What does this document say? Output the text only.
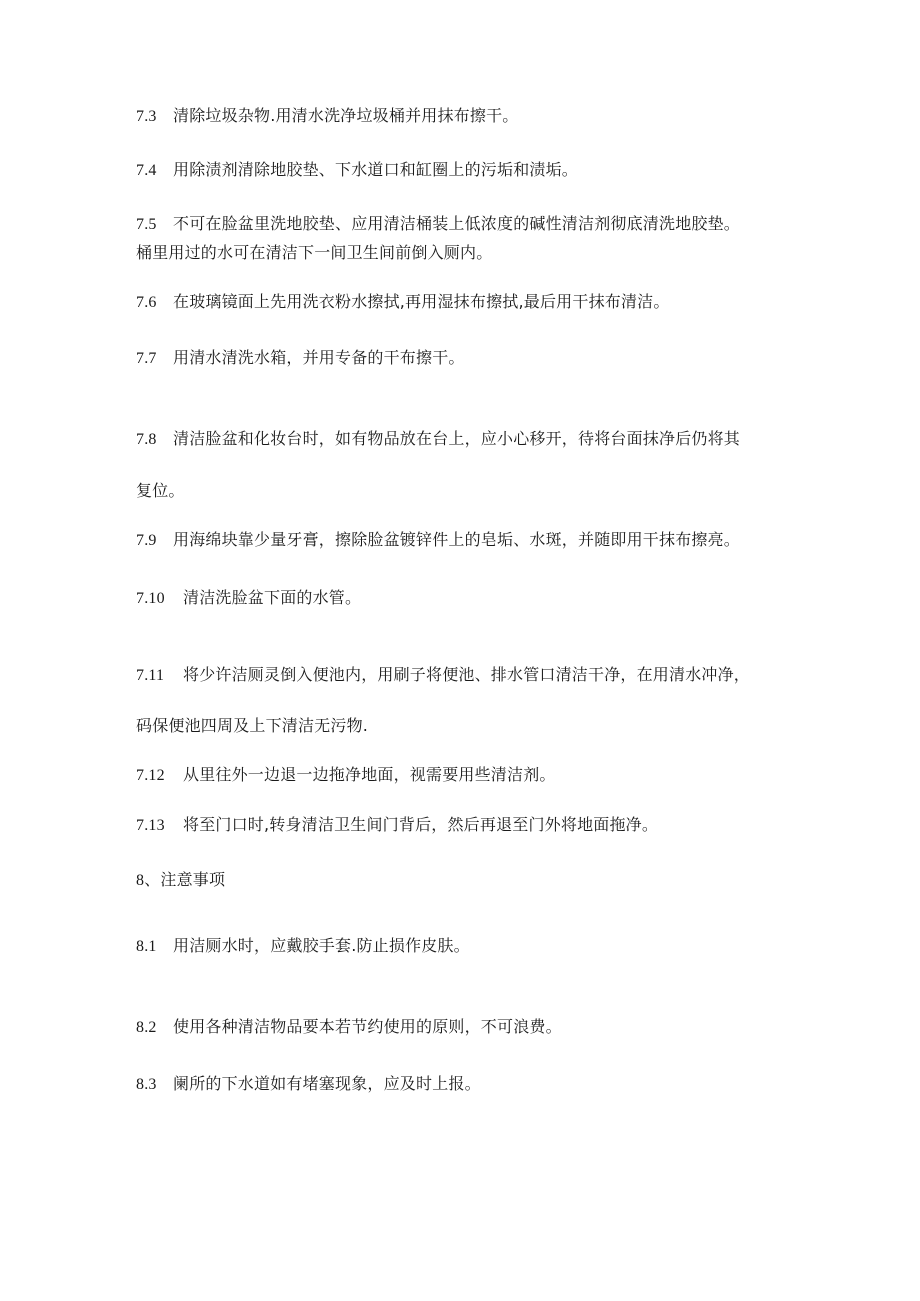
7.3 清除垃圾杂物.用清水洗净垃圾桶并用抹布擦干。
7.4 用除渍剂清除地胶垫、下水道口和缸圈上的污垢和渍垢。
7.5 不可在脸盆里洗地胶垫、应用清洁桶装上低浓度的碱性清洁剂彻底清洗地胶垫。
桶里用过的水可在清洁下一间卫生间前倒入厕内。
7.6 在玻璃镜面上先用洗衣粉水擦拭,再用湿抹布擦拭,最后用干抹布清洁。
7.7 用清水清洗水箱，并用专备的干布擦干。
7.8 清洁脸盆和化妆台时，如有物品放在台上，应小心移开，待将台面抹净后仍将其
复位。
7.9 用海绵块靠少量牙膏，擦除脸盆镀锌件上的皂垢、水斑，并随即用干抹布擦亮。
7.10 清洁洗脸盆下面的水管。
7.11 将少许洁厕灵倒入便池内，用刷子将便池、排水管口清洁干净，在用清水冲净，
码保便池四周及上下清洁无污物.
7.12 从里往外一边退一边拖净地面，视需要用些清洁剂。
7.13 将至门口时,转身清洁卫生间门背后，然后再退至门外将地面拖净。
8、注意事项
8.1 用洁厕水时，应戴胶手套.防止损作皮肤。
8.2 使用各种清洁物品要本若节约使用的原则，不可浪费。
8.3 阑所的下水道如有堵塞现象，应及时上报。
